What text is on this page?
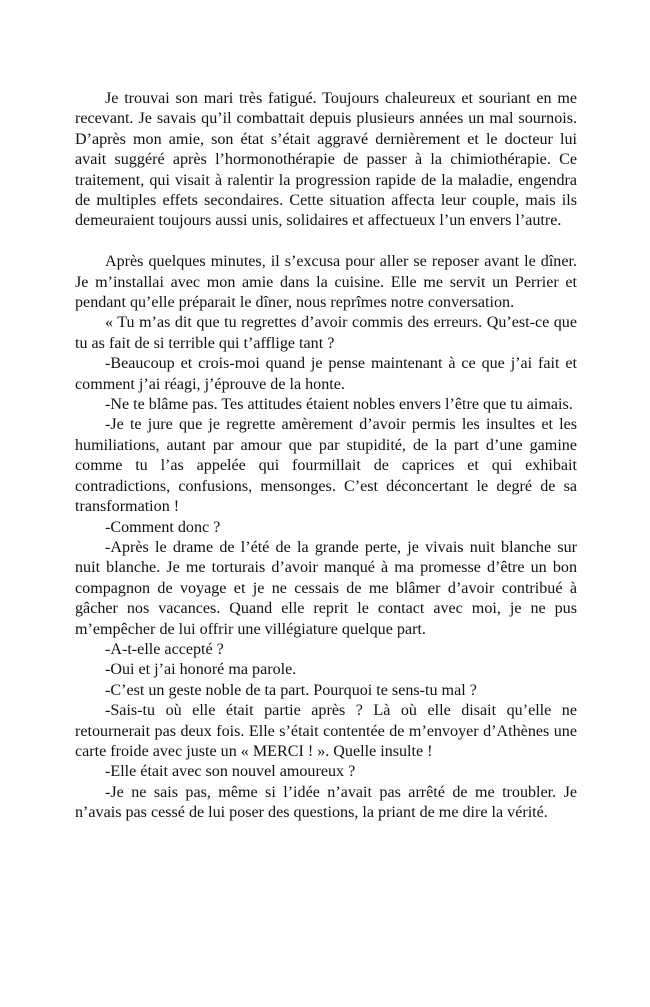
Je trouvai son mari très fatigué. Toujours chaleureux et souriant en me recevant. Je savais qu’il combattait depuis plusieurs années un mal sournois. D’après mon amie, son état s’était aggravé dernièrement et le docteur lui avait suggéré après l’hormonothérapie de passer à la chimiothérapie. Ce traitement, qui visait à ralentir la progression rapide de la maladie, engendra de multiples effets secondaires. Cette situation affecta leur couple, mais ils demeuraient toujours aussi unis, solidaires et affectueux l’un envers l’autre.

Après quelques minutes, il s’excusa pour aller se reposer avant le dîner. Je m’installai avec mon amie dans la cuisine. Elle me servit un Perrier et pendant qu’elle préparait le dîner, nous reprîmes notre conversation.

« Tu m’as dit que tu regrettes d’avoir commis des erreurs. Qu’est-ce que tu as fait de si terrible qui t’afflige tant ?

-Beaucoup et crois-moi quand je pense maintenant à ce que j’ai fait et comment j’ai réagi, j’éprouve de la honte.

-Ne te blâme pas. Tes attitudes étaient nobles envers l’être que tu aimais.

-Je te jure que je regrette amèrement d’avoir permis les insultes et les humiliations, autant par amour que par stupidité, de la part d’une gamine comme tu l’as appelée qui fourmillait de caprices et qui exhibait contradictions, confusions, mensonges. C’est déconcertant le degré de sa transformation !

-Comment donc ?

-Après le drame de l’été de la grande perte, je vivais nuit blanche sur nuit blanche. Je me torturais d’avoir manqué à ma promesse d’être un bon compagnon de voyage et je ne cessais de me blâmer d’avoir contribué à gâcher nos vacances. Quand elle reprit le contact avec moi, je ne pus m’empêcher de lui offrir une villégiature quelque part.

-A-t-elle accepté ?

-Oui et j’ai honoré ma parole.

-C’est un geste noble de ta part. Pourquoi te sens-tu mal ?

-Sais-tu où elle était partie après ? Là où elle disait qu’elle ne retournerait pas deux fois. Elle s’était contentée de m’envoyer d’Athènes une carte froide avec juste un « MERCI ! ». Quelle insulte !

-Elle était avec son nouvel amoureux ?

-Je ne sais pas, même si l’idée n’avait pas arrêté de me troubler. Je n’avais pas cessé de lui poser des questions, la priant de me dire la vérité.
